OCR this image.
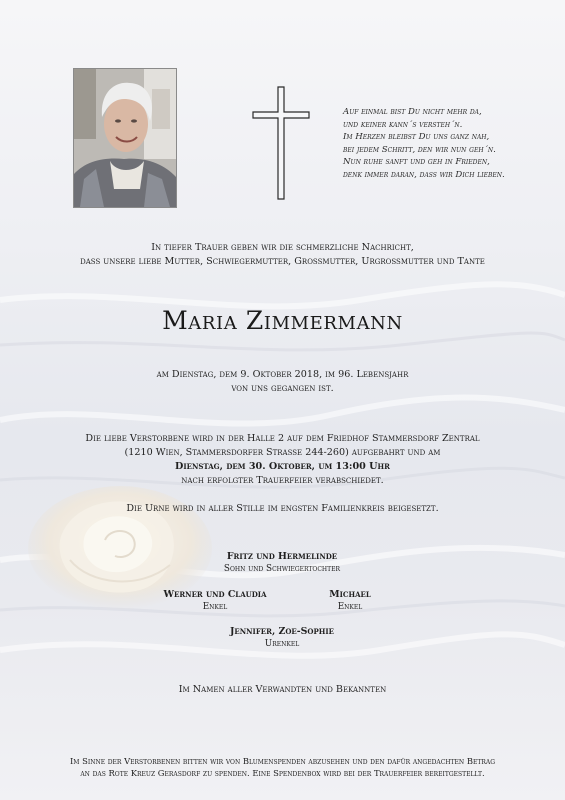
Auf einmal bist Du nicht mehr da,
und keiner kann´s versteh´n.
Im Herzen bleibst Du uns ganz nah,
bei jedem Schritt, den wir nun geh´n.
Nun ruhe sanft und geh in Frieden,
denk immer daran, dass wir Dich lieben.
In tiefer Trauer geben wir die schmerzliche Nachricht,
dass unsere liebe Mutter, Schwiegermutter, Grossmutter, Urgrossmutter und Tante
Maria Zimmermann
am Dienstag, dem 9. Oktober 2018, im 96. Lebensjahr
von uns gegangen ist.
Die liebe Verstorbene wird in der Halle 2 auf dem Friedhof Stammersdorf Zentral
(1210 Wien, Stammersdorfer Strasse 244-260) aufgebahrt und am
Dienstag, dem 30. Oktober, um 13:00 Uhr
nach erfolgter Trauerfeier verabschiedet.
Die Urne wird in aller Stille im engsten Familienkreis beigesetzt.
Fritz und Hermelinde
Sohn und Schwiegertochter
Werner und Claudia
Enkel
Michael
Enkel
Jennifer, Zoe-Sophie
Urenkel
Im Namen aller Verwandten und Bekannten
Im Sinne der Verstorbenen bitten wir von Blumenspenden abzusehen und den dafür angedachten Betrag
an das Rote Kreuz Gerasdorf zu spenden. Eine Spendenbox wird bei der Trauerfeier bereitgestellt.
